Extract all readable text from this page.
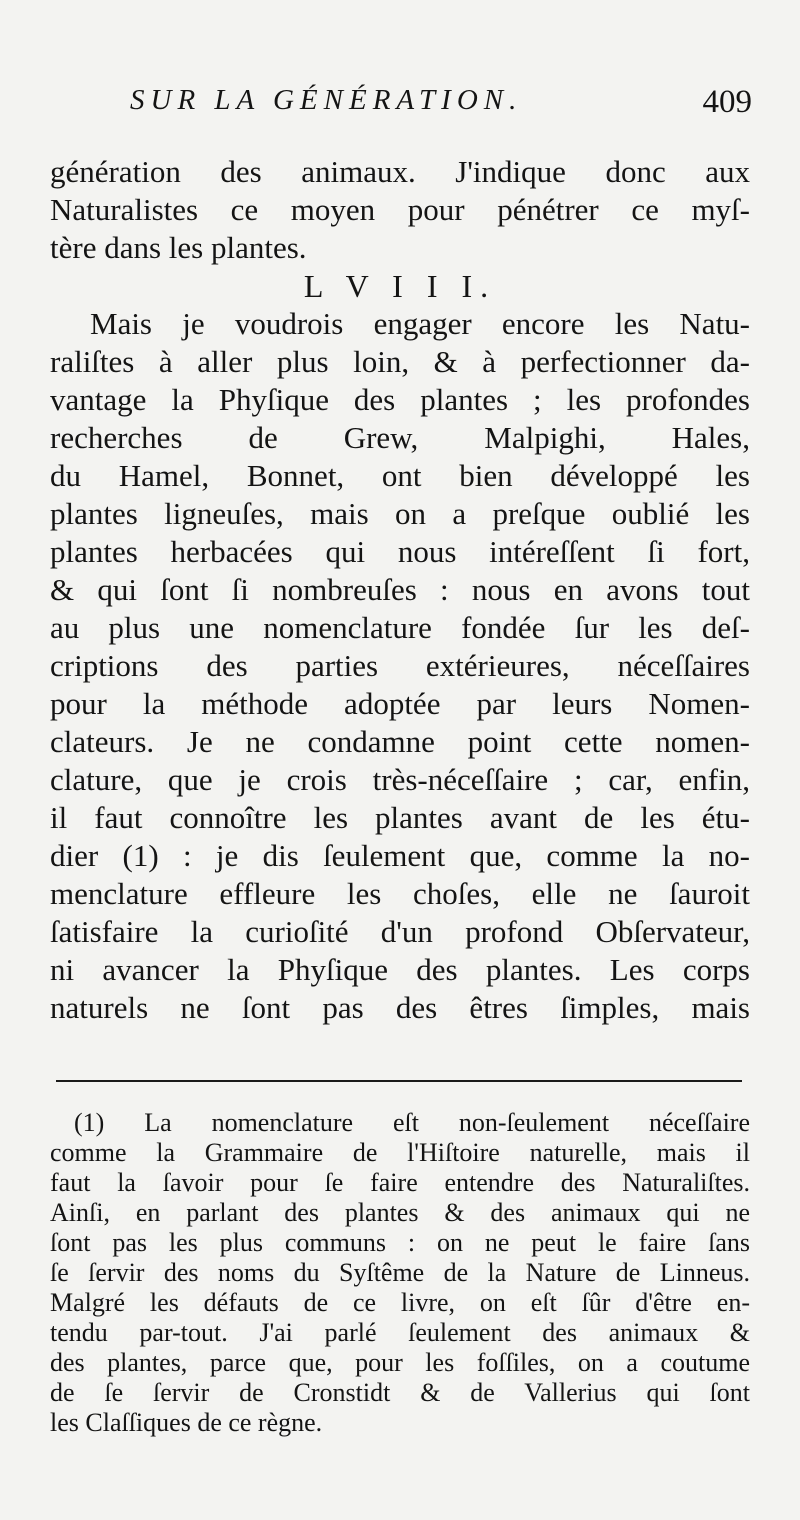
SUR LA GÉNÉRATION.	409
génération des animaux. J'indique donc aux
Naturalistes ce moyen pour pénétrer ce myſ-
tère dans les plantes.
L V I I I.
Mais je voudrois engager encore les Natu-
raliſtes à aller plus loin, & à perfectionner da-
vantage la Phyſique des plantes ; les profondes
recherches de Grew, Malpighi, Hales,
du Hamel, Bonnet, ont bien développé les
plantes ligneuſes, mais on a preſque oublié les
plantes herbacées qui nous intéreſſent ſi fort,
& qui ſont ſi nombreuſes : nous en avons tout
au plus une nomenclature fondée ſur les deſ-
criptions des parties extérieures, néceſſaires
pour la méthode adoptée par leurs Nomen-
clateurs. Je ne condamne point cette nomen-
clature, que je crois très-néceſſaire ; car, enfin,
il faut connoître les plantes avant de les étu-
dier (1) : je dis ſeulement que, comme la no-
menclature effleure les choſes, elle ne ſauroit
ſatisfaire la curioſité d'un profond Obſervateur,
ni avancer la Phyſique des plantes. Les corps
naturels ne ſont pas des êtres ſimples, mais
(1) La nomenclature eſt non-ſeulement néceſſaire
comme la Grammaire de l'Hiſtoire naturelle, mais il
faut la ſavoir pour ſe faire entendre des Naturaliſtes.
Ainſi, en parlant des plantes & des animaux qui ne
ſont pas les plus communs : on ne peut le faire ſans
ſe ſervir des noms du Syſtême de la Nature de Linneus.
Malgré les défauts de ce livre, on eſt ſûr d'être en-
tendu par-tout. J'ai parlé ſeulement des animaux &
des plantes, parce que, pour les foſſiles, on a coutume
de ſe ſervir de Cronstidt & de Vallerius qui ſont
les Claſſiques de ce règne.
